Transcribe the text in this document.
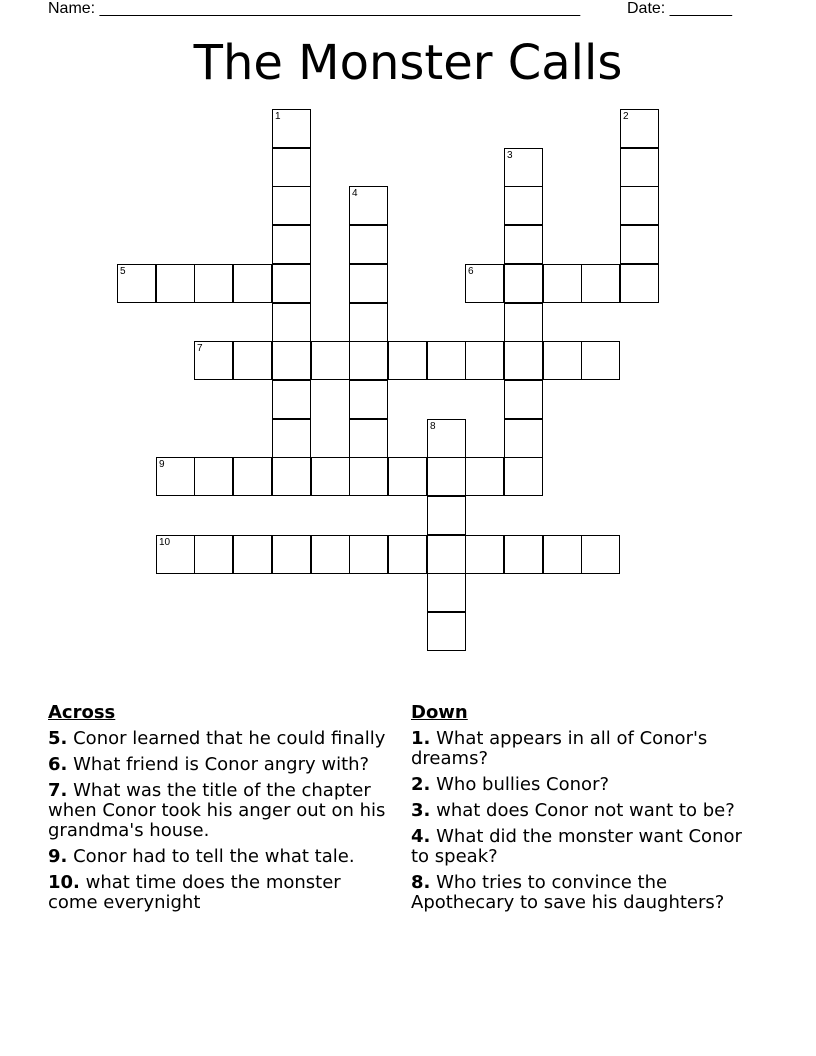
Name: ______________________________________________________	Date: _______
The Monster Calls
1	2
3
4
5	6
7
8
9
10
Across
5. Conor learned that he could finally
6. What friend is Conor angry with?
7. What was the title of the chapter when Conor took his anger out on his grandma's house.
9. Conor had to tell the what tale.
10. what time does the monster come everynight
Down
1. What appears in all of Conor's dreams?
2. Who bullies Conor?
3. what does Conor not want to be?
4. What did the monster want Conor to speak?
8. Who tries to convince the Apothecary to save his daughters?
